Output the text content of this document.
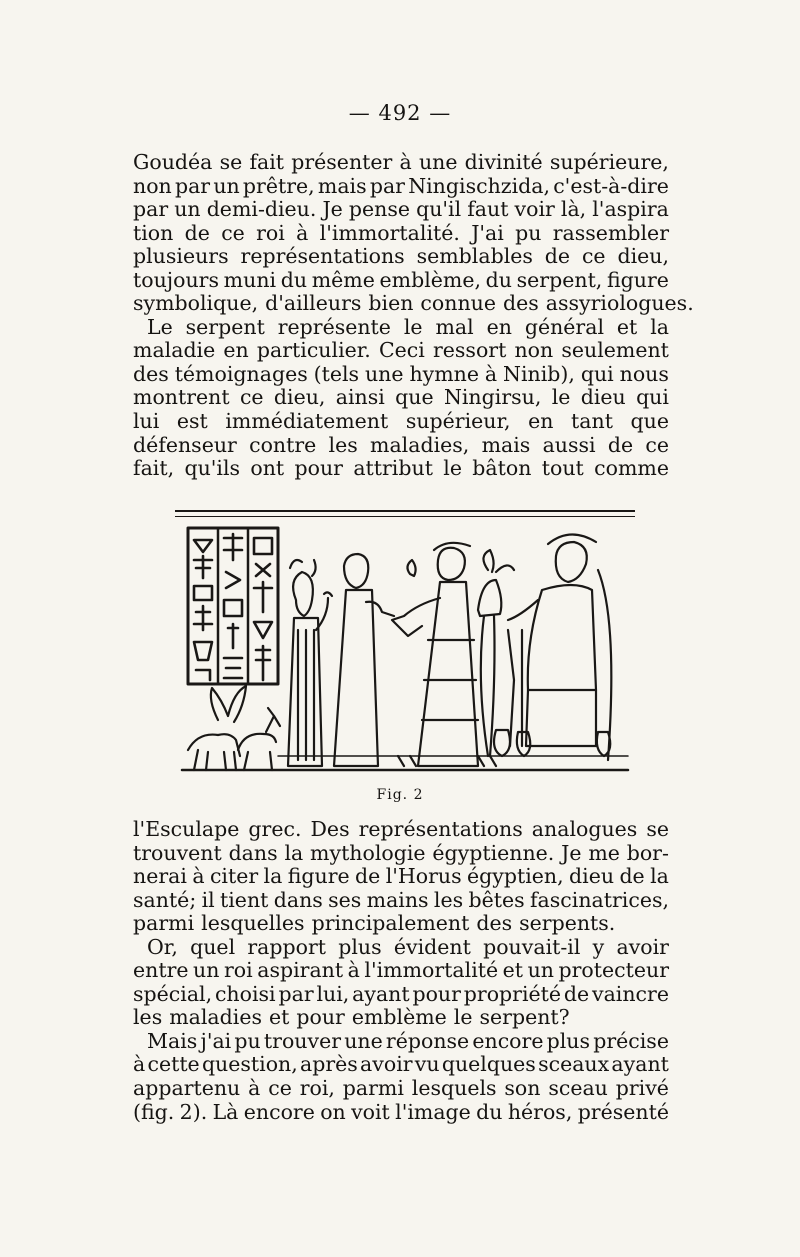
— 492 —
Goudéa se fait présenter à une divinité supérieure,
non par un prêtre, mais par Ningischzida, c'est-à-dire
par un demi-dieu. Je pense qu'il faut voir là, l'aspira
tion de ce roi à l'immortalité. J'ai pu rassembler
plusieurs représentations semblables de ce dieu,
toujours muni du même emblème, du serpent, figure
symbolique, d'ailleurs bien connue des assyriologues.
Le serpent représente le mal en général et la
maladie en particulier. Ceci ressort non seulement
des témoignages (tels une hymne à Ninib), qui nous
montrent ce dieu, ainsi que Ningirsu, le dieu qui
lui est immédiatement supérieur, en tant que
défenseur contre les maladies, mais aussi de ce
fait, qu'ils ont pour attribut le bâton tout comme
Fig. 2
l'Esculape grec. Des représentations analogues se
trouvent dans la mythologie égyptienne. Je me bor-
nerai à citer la figure de l'Horus égyptien, dieu de la
santé; il tient dans ses mains les bêtes fascinatrices,
parmi lesquelles principalement des serpents.
Or, quel rapport plus évident pouvait-il y avoir
entre un roi aspirant à l'immortalité et un protecteur
spécial, choisi par lui, ayant pour propriété de vaincre
les maladies et pour emblème le serpent?
Mais j'ai pu trouver une réponse encore plus précise
à cette question, après avoir vu quelques sceaux ayant
appartenu à ce roi, parmi lesquels son sceau privé
(fig. 2). Là encore on voit l'image du héros, présenté
